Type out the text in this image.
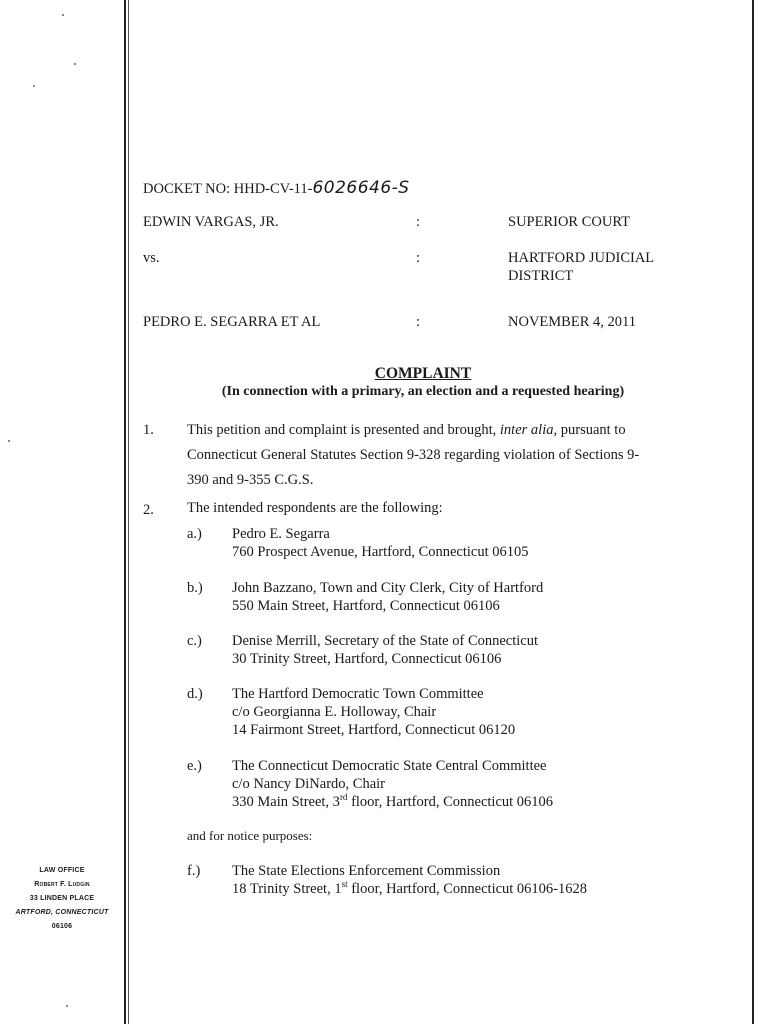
DOCKET NO: HHD-CV-11-6026646-S
EDWIN VARGAS, JR.	:	SUPERIOR COURT
vs.	:	HARTFORD JUDICIAL
DISTRICT
PEDRO E. SEGARRA ET AL	:	NOVEMBER 4, 2011
COMPLAINT
(In connection with a primary, an election and a requested hearing)
1. This petition and complaint is presented and brought, inter alia, pursuant to Connecticut General Statutes Section 9-328 regarding violation of Sections 9-390 and 9-355 C.G.S.
2. The intended respondents are the following:
a.) Pedro E. Segarra
760 Prospect Avenue, Hartford, Connecticut 06105
b.) John Bazzano, Town and City Clerk, City of Hartford
550 Main Street, Hartford, Connecticut 06106
c.) Denise Merrill, Secretary of the State of Connecticut
30 Trinity Street, Hartford, Connecticut 06106
d.) The Hartford Democratic Town Committee
c/o Georgianna E. Holloway, Chair
14 Fairmont Street, Hartford, Connecticut 06120
e.) The Connecticut Democratic State Central Committee
c/o Nancy DiNardo, Chair
330 Main Street, 3rd floor, Hartford, Connecticut 06106
and for notice purposes:
f.) The State Elections Enforcement Commission
18 Trinity Street, 1st floor, Hartford, Connecticut 06106-1628
LAW OFFICE
Robert F. Ludgin
33 LINDEN PLACE
ARTFORD, CONNECTICUT
06106
